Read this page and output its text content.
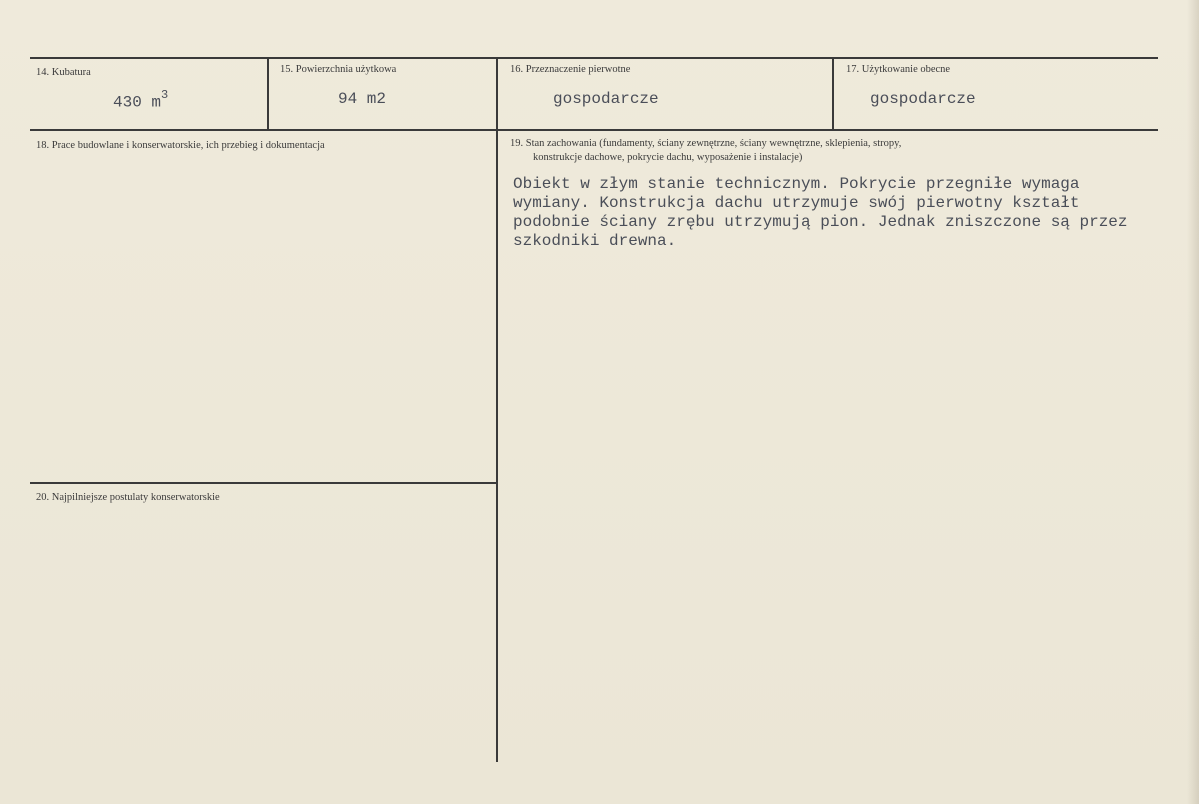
14. Kubatura
430 $m^3$
15. Powierzchnia użytkowa
94 m2
16. Przeznaczenie pierwotne
gospodarcze
17. Użytkowanie obecne
gospodarcze
18. Prace budowlane i konserwatorskie, ich przebieg i dokumentacja	19. Stan zachowania (fundamenty, ściany zewnętrzne, ściany wewnętrzne, sklepienia, stropy,
konstrukcje dachowe, pokrycie dachu, wyposażenie i instalacje)
Obiekt w złym stanie technicznym. Pokrycie przegniłe wymaga
wymiany. Konstrukcja dachu utrzymuje swój pierwotny kształt
podobnie ściany zrębu utrzymują pion. Jednak zniszczone są przez
szkodniki drewna.
20. Najpilniejsze postulaty konserwatorskie
